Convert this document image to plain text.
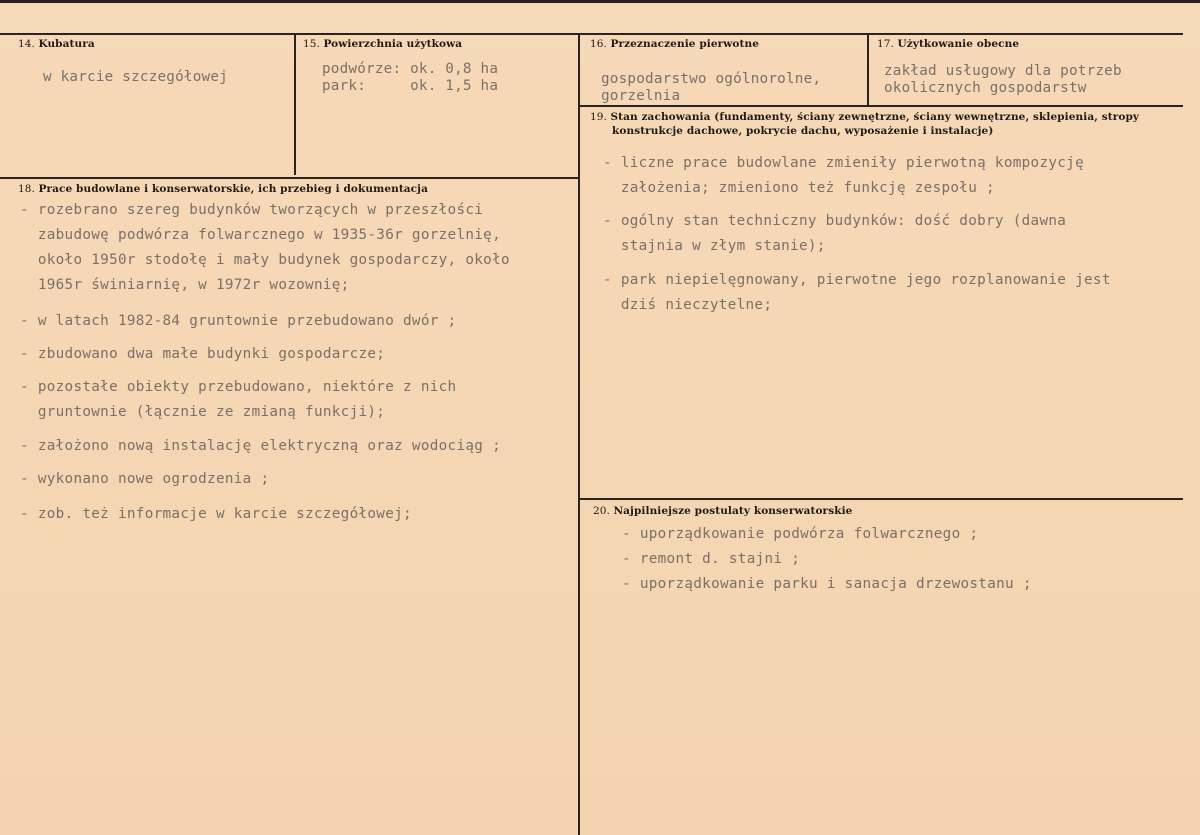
14. Kubatura
w karcie szczegółowej
15. Powierzchnia użytkowa
podwórze: ok. 0,8 ha
park:     ok. 1,5 ha
16. Przeznaczenie pierwotne
gospodarstwo ogólnorolne,
gorzelnia
17. Użytkowanie obecne
zakład usługowy dla potrzeb
okolicznych gospodarstw
19. Stan zachowania (fundamenty, ściany zewnętrzne, ściany wewnętrzne, sklepienia, stropy
konstrukcje dachowe, pokrycie dachu, wyposażenie i instalacje)
- liczne prace budowlane zmieniły pierwotną kompozycję
założenia; zmieniono też funkcję zespołu ;
- ogólny stan techniczny budynków: dość dobry (dawna
stajnia w złym stanie);
- park niepielęgnowany, pierwotne jego rozplanowanie jest
dziś nieczytelne;
18. Prace budowlane i konserwatorskie, ich przebieg i dokumentacja
- rozebrano szereg budynków tworzących w przeszłości
zabudowę podwórza folwarcznego w 1935-36r gorzelnię,
około 1950r stodołę i mały budynek gospodarczy, około
1965r świniarnię, w 1972r wozownię;
- w latach 1982-84 gruntownie przebudowano dwór ;
- zbudowano dwa małe budynki gospodarcze;
- pozostałe obiekty przebudowano, niektóre z nich
gruntownie (łącznie ze zmianą funkcji);
- założono nową instalację elektryczną oraz wodociąg ;
- wykonano nowe ogrodzenia ;
- zob. też informacje w karcie szczegółowej;	20. Najpilniejsze postulaty konserwatorskie
- uporządkowanie podwórza folwarcznego ;
- remont d. stajni ;
- uporządkowanie parku i sanacja drzewostanu ;
